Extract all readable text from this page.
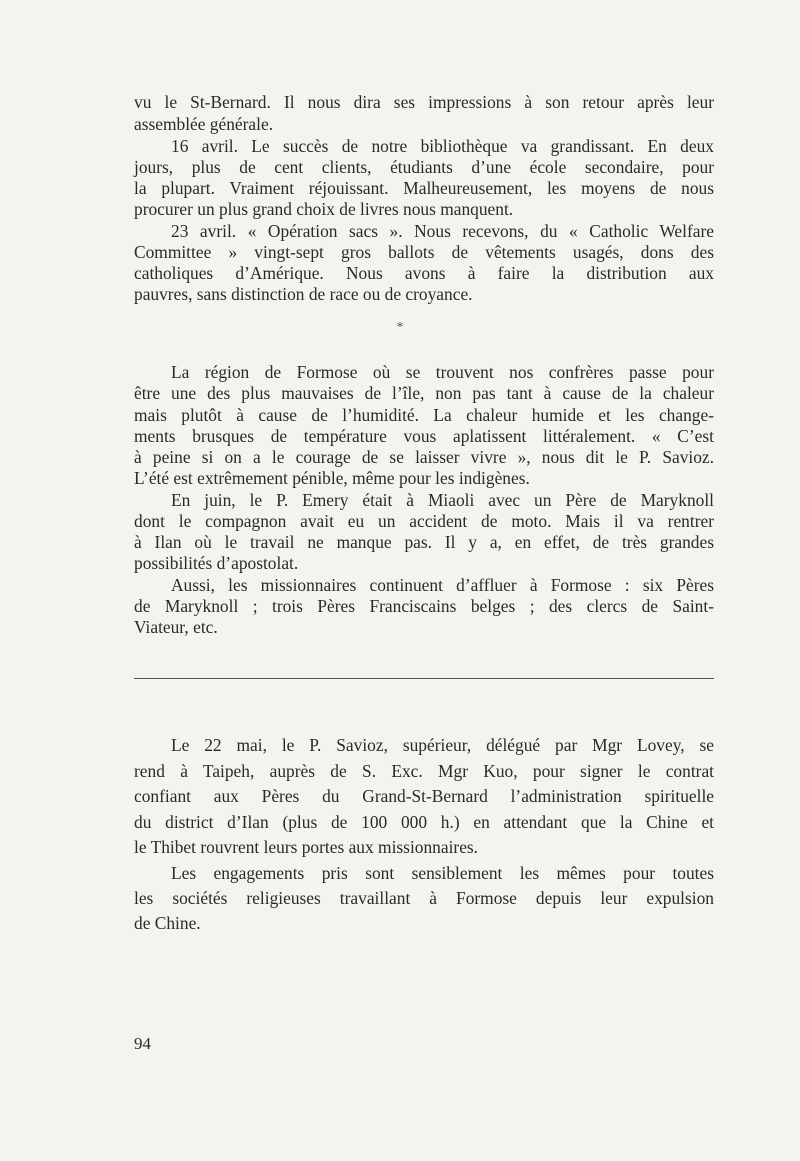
vu le St-Bernard. Il nous dira ses impressions à son retour après leur
assemblée générale.
16 avril. Le succès de notre bibliothèque va grandissant. En deux
jours, plus de cent clients, étudiants d’une école secondaire, pour
la plupart. Vraiment réjouissant. Malheureusement, les moyens de nous
procurer un plus grand choix de livres nous manquent.
23 avril. « Opération sacs ». Nous recevons, du « Catholic Welfare
Committee » vingt-sept gros ballots de vêtements usagés, dons des
catholiques d’Amérique. Nous avons à faire la distribution aux
pauvres, sans distinction de race ou de croyance.
*
La région de Formose où se trouvent nos confrères passe pour
être une des plus mauvaises de l’île, non pas tant à cause de la chaleur
mais plutôt à cause de l’humidité. La chaleur humide et les change-
ments brusques de température vous aplatissent littéralement. « C’est
à peine si on a le courage de se laisser vivre », nous dit le P. Savioz.
L’été est extrêmement pénible, même pour les indigènes.
En juin, le P. Emery était à Miaoli avec un Père de Maryknoll
dont le compagnon avait eu un accident de moto. Mais il va rentrer
à Ilan où le travail ne manque pas. Il y a, en effet, de très grandes
possibilités d’apostolat.
Aussi, les missionnaires continuent d’affluer à Formose : six Pères
de Maryknoll ; trois Pères Franciscains belges ; des clercs de Saint-
Viateur, etc.
Le 22 mai, le P. Savioz, supérieur, délégué par Mgr Lovey, se
rend à Taipeh, auprès de S. Exc. Mgr Kuo, pour signer le contrat
confiant aux Pères du Grand-St-Bernard l’administration spirituelle
du district d’Ilan (plus de 100 000 h.) en attendant que la Chine et
le Thibet rouvrent leurs portes aux missionnaires.
Les engagements pris sont sensiblement les mêmes pour toutes
les sociétés religieuses travaillant à Formose depuis leur expulsion
de Chine.
94
